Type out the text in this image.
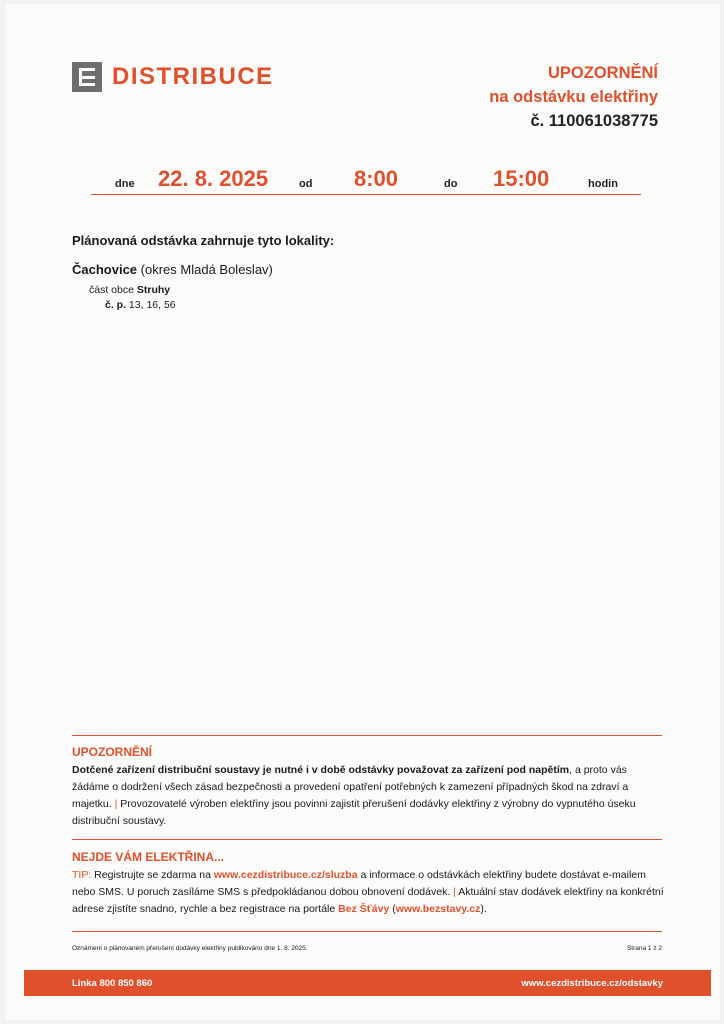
DISTRIBUCE	UPOZORNĚNÍ
na odstávku elektřiny
č. 110061038775
dne 22. 8. 2025	od 8:00	do 15:00	hodin
Plánovaná odstávka zahrnuje tyto lokality:
Čachovice (okres Mladá Boleslav)
část obce Struhy
č. p. 13, 16, 56
UPOZORNĚNÍ
Dotčené zařízení distribuční soustavy je nutné i v době odstávky považovat za zařízení pod napětím, a proto vás žádáme o dodržení všech zásad bezpečnosti a provedení opatření potřebných k zamezení případných škod na zdraví a majetku. | Provozovatelé výroben elektřiny jsou povinni zajistit přerušení dodávky elektřiny z výrobny do vypnutého úseku distribuční soustavy.
NEJDE VÁM ELEKTŘINA...
TIP: Registrujte se zdarma na www.cezdistribuce.cz/sluzba a informace o odstávkách elektřiny budete dostávat e-mailem nebo SMS. U poruch zasíláme SMS s předpokládanou dobou obnovení dodávek. | Aktuální stav dodávek elektřiny na konkrétní adrese zjistíte snadno, rychle a bez registrace na portále Bez Šťávy (www.bezstavy.cz).
Oznámení o plánovaném přerušení dodávky elektřiny publikováno dne 1. 8. 2025.	Strana 1 z 2
Linka 800 850 860	www.cezdistribuce.cz/odstavky
